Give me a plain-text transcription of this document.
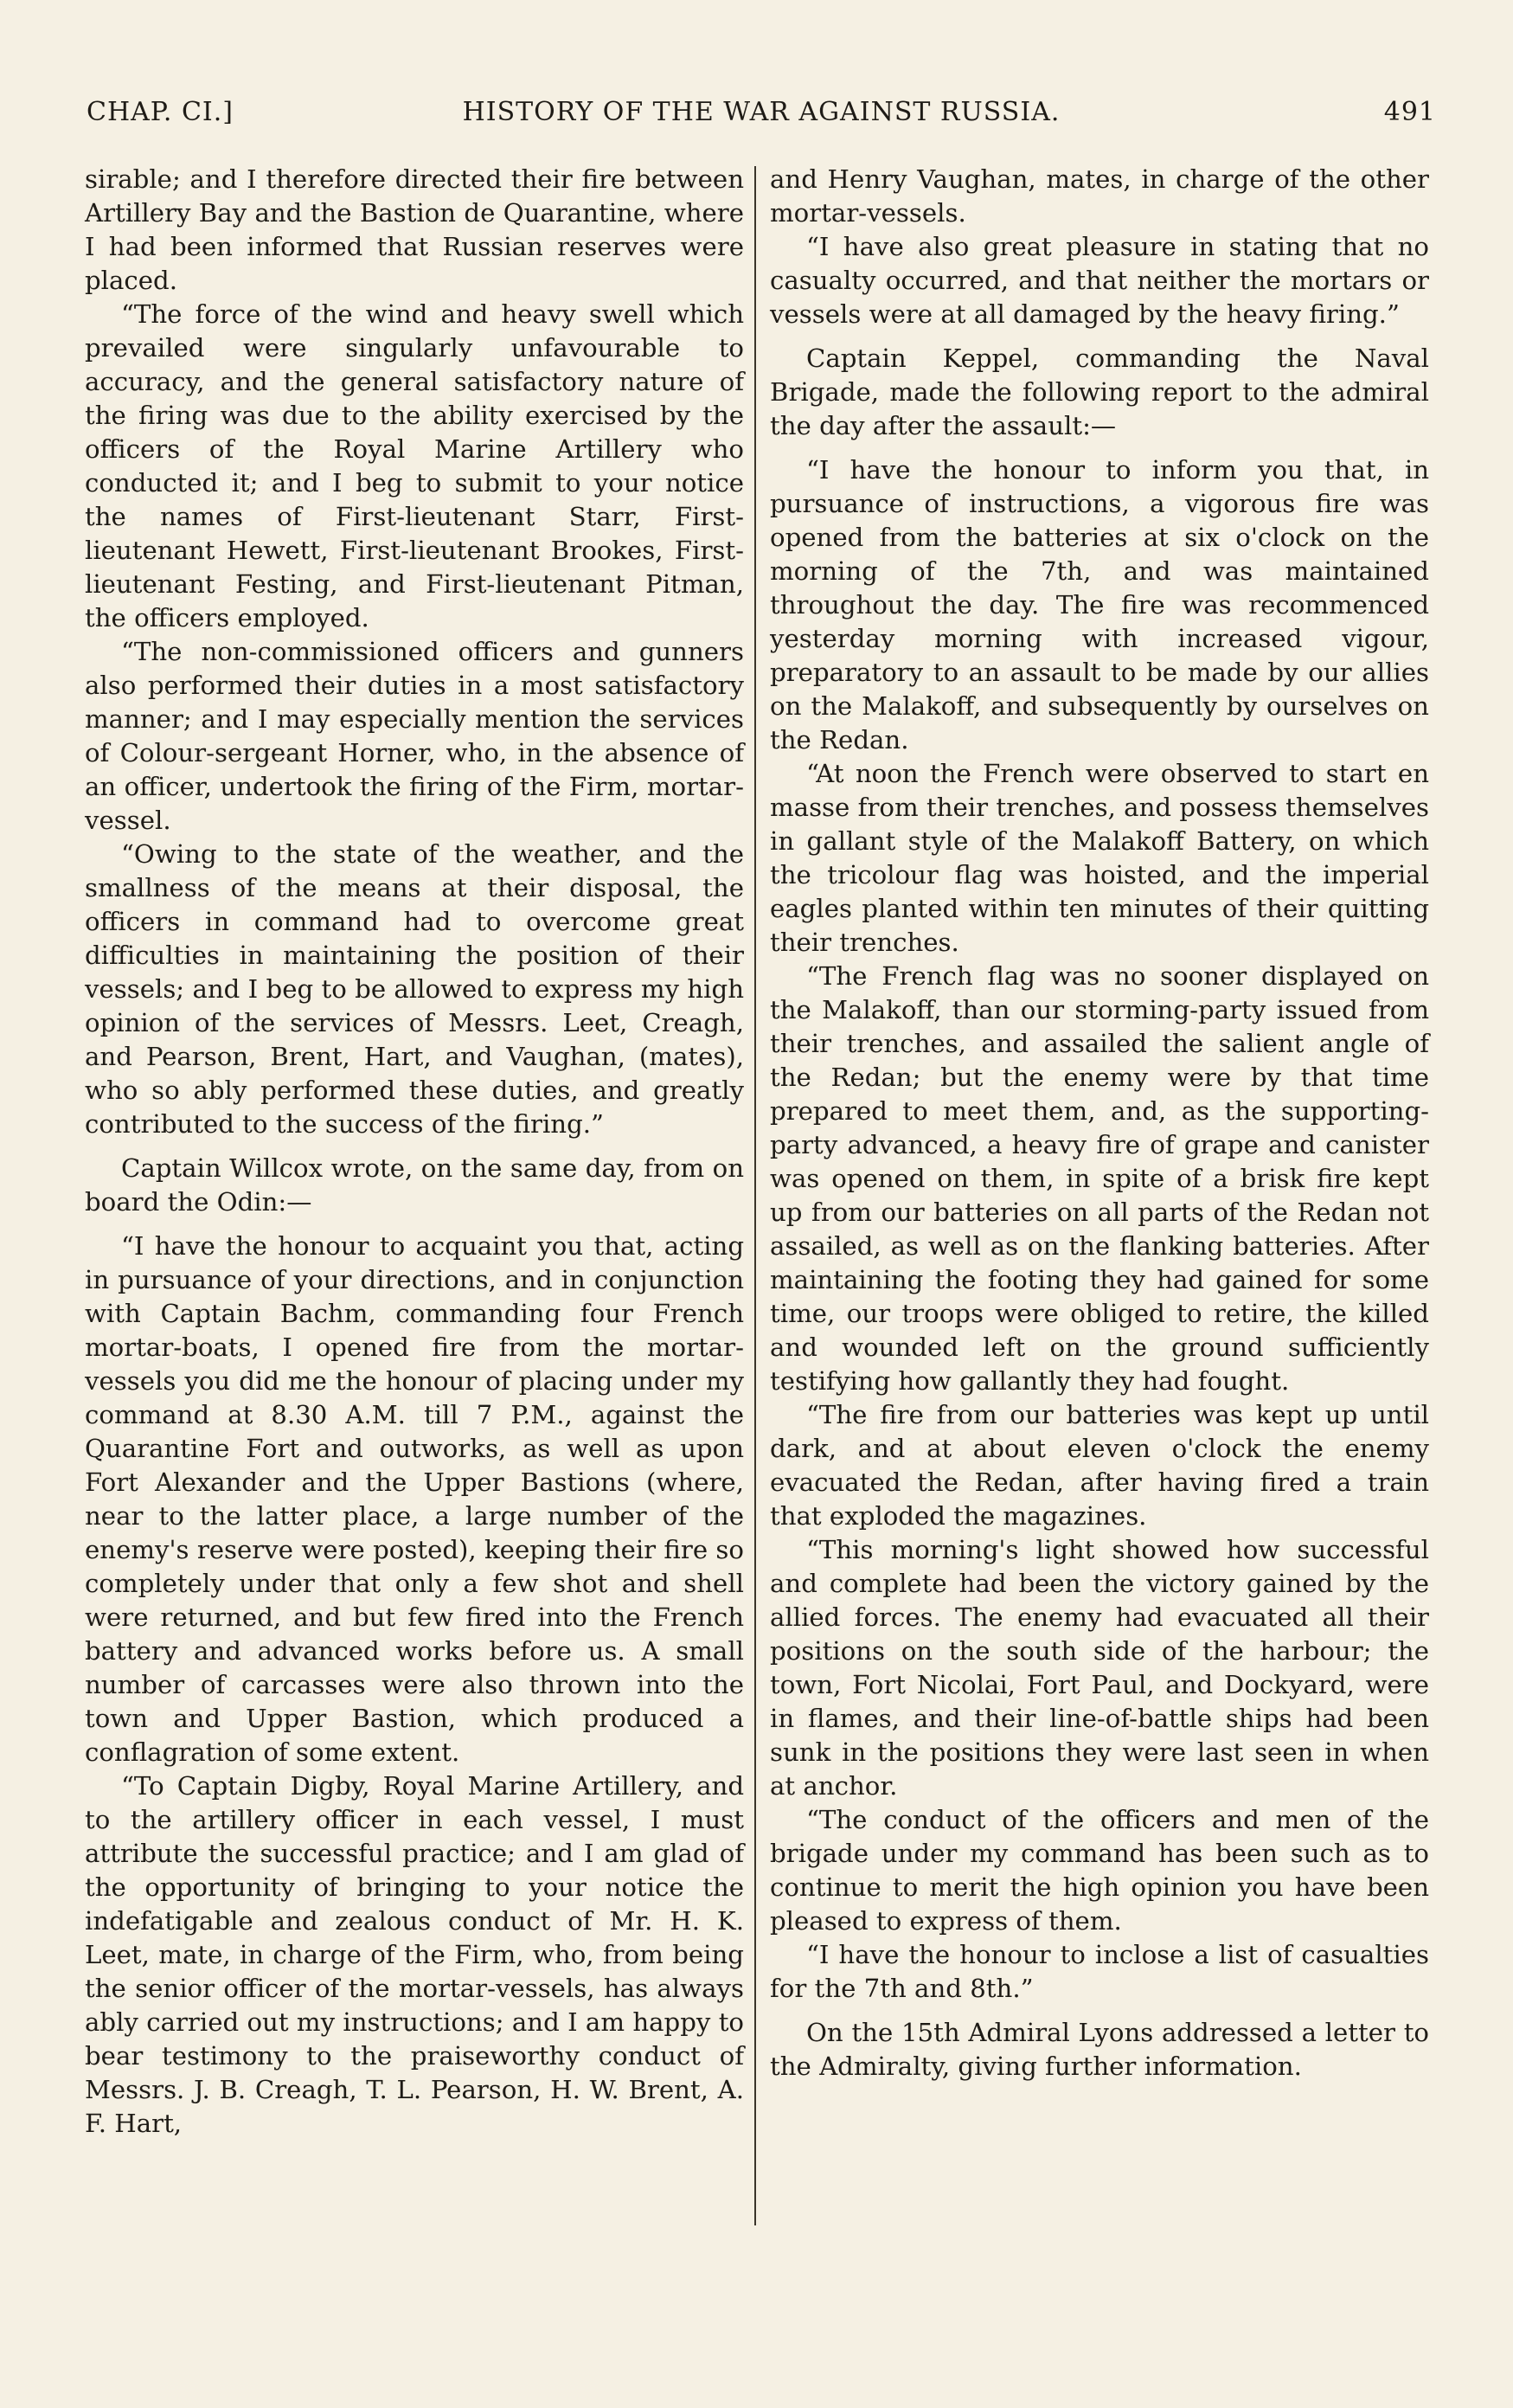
CHAP. CI.]	HISTORY OF THE WAR AGAINST RUSSIA.	491

sirable; and I therefore directed their fire between Artillery Bay and the Bastion de Quarantine, where I had been informed that Russian reserves were placed.

“The force of the wind and heavy swell which prevailed were singularly unfavourable to accuracy, and the general satisfactory nature of the firing was due to the ability exercised by the officers of the Royal Marine Artillery who conducted it; and I beg to submit to your notice the names of First-lieutenant Starr, First-lieutenant Hewett, First-lieutenant Brookes, First-lieutenant Festing, and First-lieutenant Pitman, the officers employed.

“The non-commissioned officers and gunners also performed their duties in a most satisfactory manner; and I may especially mention the services of Colour-sergeant Horner, who, in the absence of an officer, undertook the firing of the Firm, mortar-vessel.

“Owing to the state of the weather, and the smallness of the means at their disposal, the officers in command had to overcome great difficulties in maintaining the position of their vessels; and I beg to be allowed to express my high opinion of the services of Messrs. Leet, Creagh, and Pearson, Brent, Hart, and Vaughan, (mates), who so ably performed these duties, and greatly contributed to the success of the firing.”

Captain Willcox wrote, on the same day, from on board the Odin:—

“I have the honour to acquaint you that, acting in pursuance of your directions, and in conjunction with Captain Bachm, commanding four French mortar-boats, I opened fire from the mortar-vessels you did me the honour of placing under my command at 8.30 A.M. till 7 P.M., against the Quarantine Fort and outworks, as well as upon Fort Alexander and the Upper Bastions (where, near to the latter place, a large number of the enemy's reserve were posted), keeping their fire so completely under that only a few shot and shell were returned, and but few fired into the French battery and advanced works before us. A small number of carcasses were also thrown into the town and Upper Bastion, which produced a conflagration of some extent.

“To Captain Digby, Royal Marine Artillery, and to the artillery officer in each vessel, I must attribute the successful practice; and I am glad of the opportunity of bringing to your notice the indefatigable and zealous conduct of Mr. H. K. Leet, mate, in charge of the Firm, who, from being the senior officer of the mortar-vessels, has always ably carried out my instructions; and I am happy to bear testimony to the praiseworthy conduct of Messrs. J. B. Creagh, T. L. Pearson, H. W. Brent, A. F. Hart,

and Henry Vaughan, mates, in charge of the other mortar-vessels.

“I have also great pleasure in stating that no casualty occurred, and that neither the mortars or vessels were at all damaged by the heavy firing.”

Captain Keppel, commanding the Naval Brigade, made the following report to the admiral the day after the assault:—

“I have the honour to inform you that, in pursuance of instructions, a vigorous fire was opened from the batteries at six o'clock on the morning of the 7th, and was maintained throughout the day. The fire was recommenced yesterday morning with increased vigour, preparatory to an assault to be made by our allies on the Malakoff, and subsequently by ourselves on the Redan.

“At noon the French were observed to start en masse from their trenches, and possess themselves in gallant style of the Malakoff Battery, on which the tricolour flag was hoisted, and the imperial eagles planted within ten minutes of their quitting their trenches.

“The French flag was no sooner displayed on the Malakoff, than our storming-party issued from their trenches, and assailed the salient angle of the Redan; but the enemy were by that time prepared to meet them, and, as the supporting-party advanced, a heavy fire of grape and canister was opened on them, in spite of a brisk fire kept up from our batteries on all parts of the Redan not assailed, as well as on the flanking batteries. After maintaining the footing they had gained for some time, our troops were obliged to retire, the killed and wounded left on the ground sufficiently testifying how gallantly they had fought.

“The fire from our batteries was kept up until dark, and at about eleven o'clock the enemy evacuated the Redan, after having fired a train that exploded the magazines.

“This morning's light showed how successful and complete had been the victory gained by the allied forces. The enemy had evacuated all their positions on the south side of the harbour; the town, Fort Nicolai, Fort Paul, and Dockyard, were in flames, and their line-of-battle ships had been sunk in the positions they were last seen in when at anchor.

“The conduct of the officers and men of the brigade under my command has been such as to continue to merit the high opinion you have been pleased to express of them.

“I have the honour to inclose a list of casualties for the 7th and 8th.”

On the 15th Admiral Lyons addressed a letter to the Admiralty, giving further information.
